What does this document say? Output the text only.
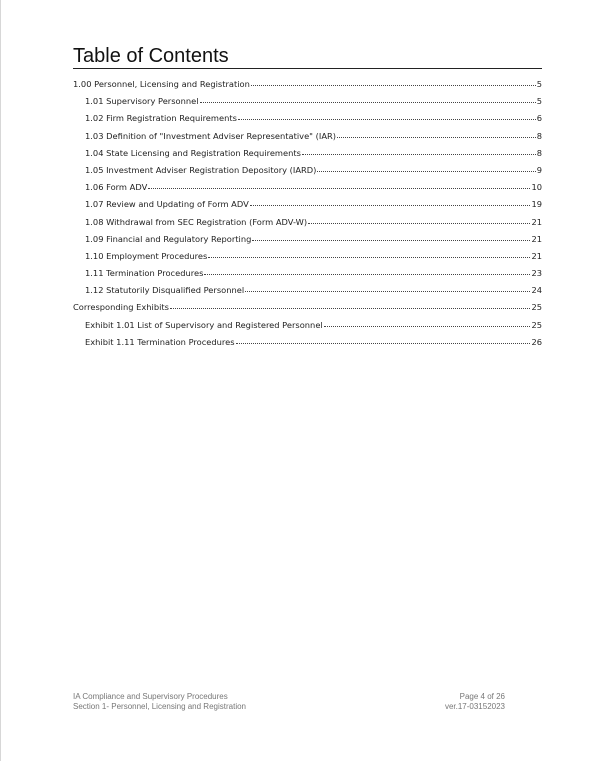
Table of Contents
1.00 Personnel, Licensing and Registration	5
1.01 Supervisory Personnel	5
1.02 Firm Registration Requirements	6
1.03 Definition of "Investment Adviser Representative" (IAR)	8
1.04 State Licensing and Registration Requirements	8
1.05 Investment Adviser Registration Depository (IARD)	9
1.06 Form ADV	10
1.07 Review and Updating of Form ADV	19
1.08 Withdrawal from SEC Registration (Form ADV-W)	21
1.09 Financial and Regulatory Reporting	21
1.10 Employment Procedures	21
1.11 Termination Procedures	23
1.12 Statutorily Disqualified Personnel	24
Corresponding Exhibits	25
Exhibit 1.01 List of Supervisory and Registered Personnel	25
Exhibit 1.11 Termination Procedures	26
IA Compliance and Supervisory Procedures
Section 1- Personnel, Licensing and Registration
Page 4 of 26
ver.17-03152023
